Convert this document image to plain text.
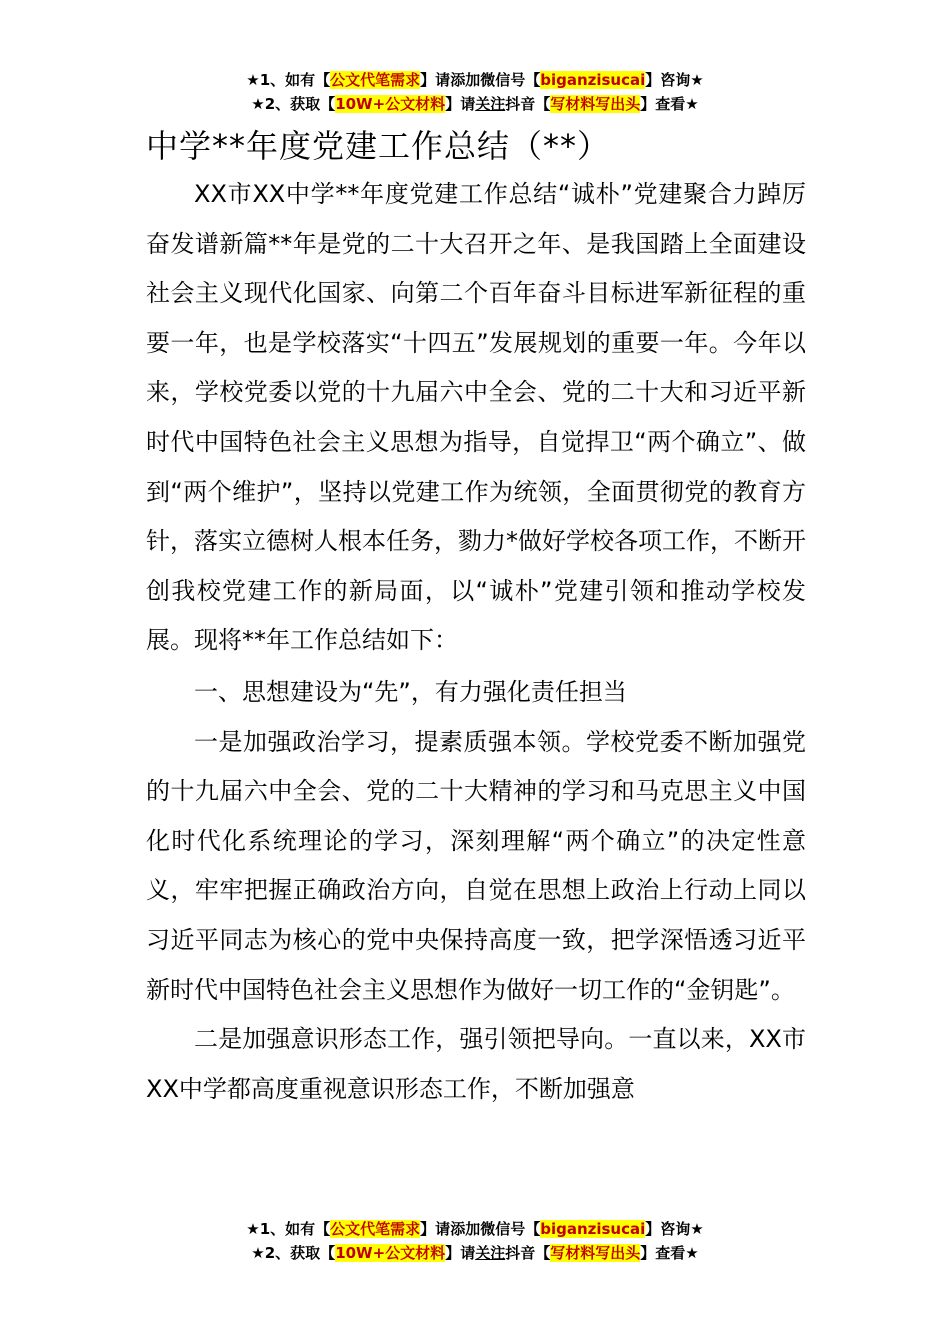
★1、如有【公文代笔需求】请添加微信号【biganzisucai】咨询★
★2、获取【10W+公文材料】请关注抖音【写材料写出头】查看★
中学**年度党建工作总结（**）

XX市XX中学**年度党建工作总结“诚朴”党建聚合力踔厉奋发谱新篇**年是党的二十大召开之年、是我国踏上全面建设社会主义现代化国家、向第二个百年奋斗目标进军新征程的重要一年，也是学校落实“十四五”发展规划的重要一年。今年以来，学校党委以党的十九届六中全会、党的二十大和习近平新时代中国特色社会主义思想为指导，自觉捍卫“两个确立”、做到“两个维护”，坚持以党建工作为统领，全面贯彻党的教育方针，落实立德树人根本任务，勠力*做好学校各项工作，不断开创我校党建工作的新局面，以“诚朴”党建引领和推动学校发展。现将**年工作总结如下：

一、思想建设为“先”，有力强化责任担当

一是加强政治学习，提素质强本领。学校党委不断加强党的十九届六中全会、党的二十大精神的学习和马克思主义中国化时代化系统理论的学习，深刻理解“两个确立”的决定性意义，牢牢把握正确政治方向，自觉在思想上政治上行动上同以习近平同志为核心的党中央保持高度一致，把学深悟透习近平新时代中国特色社会主义思想作为做好一切工作的“金钥匙”。

二是加强意识形态工作，强引领把导向。一直以来，XX市XX中学都高度重视意识形态工作，不断加强意

★1、如有【公文代笔需求】请添加微信号【biganzisucai】咨询★
★2、获取【10W+公文材料】请关注抖音【写材料写出头】查看★
